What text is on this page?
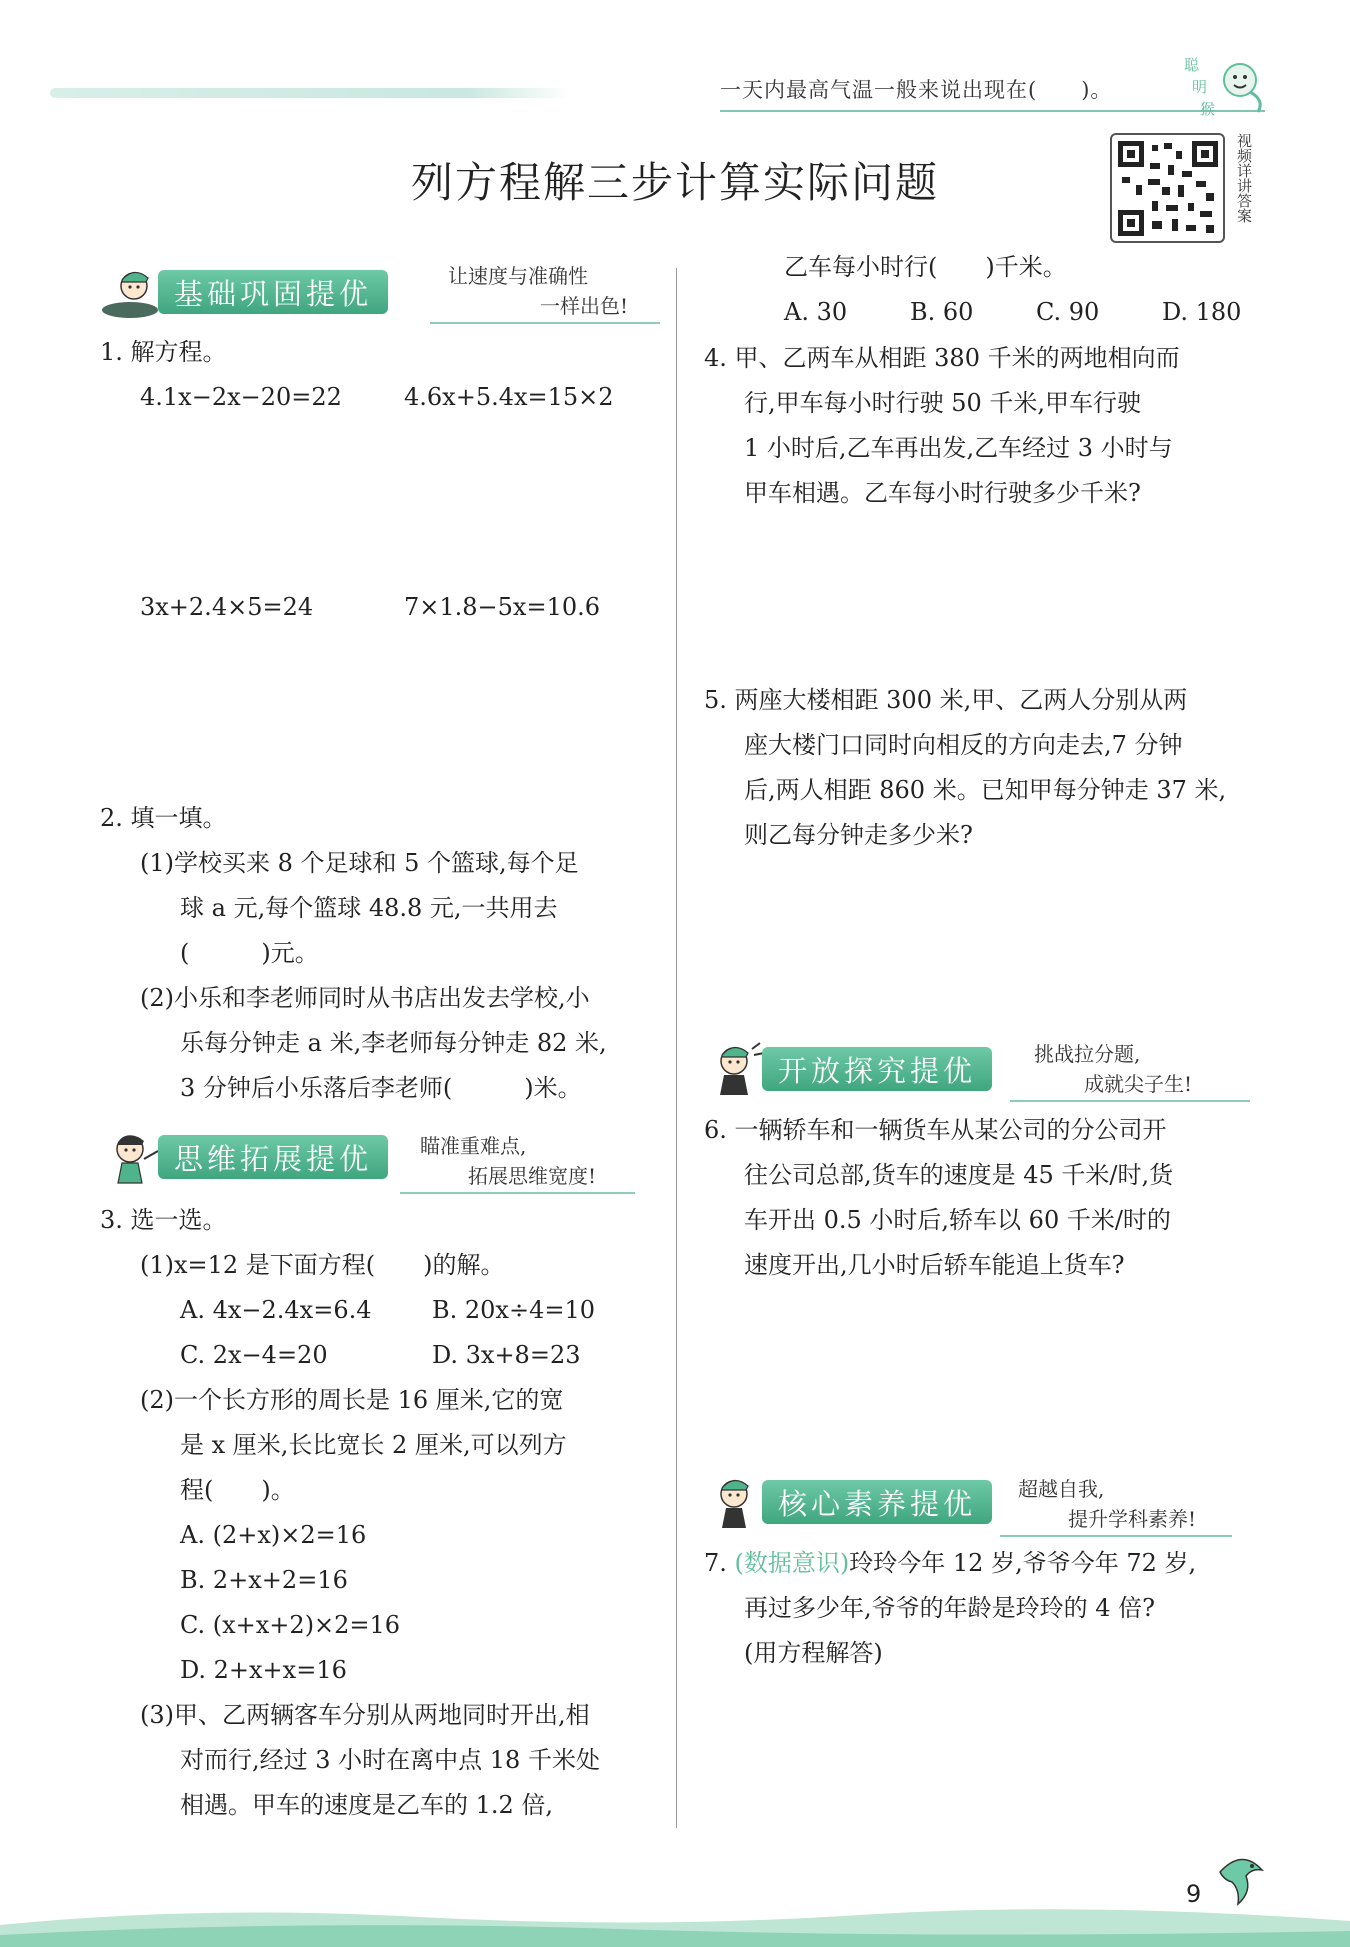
一天内最高气温一般来说出现在(　　)。
聪
明
猴
列方程解三步计算实际问题	视频详讲答案
基础巩固提优
让速度与准确性
一样出色!
1. 解方程。
4.1x−2x−20=22	4.6x+5.4x=15×2
3x+2.4×5=24	7×1.8−5x=10.6
2. 填一填。
(1)学校买来 8 个足球和 5 个篮球,每个足
球 a 元,每个篮球 48.8 元,一共用去
(　　　)元。
(2)小乐和李老师同时从书店出发去学校,小
乐每分钟走 a 米,李老师每分钟走 82 米,
3 分钟后小乐落后李老师(　　　)米。
思维拓展提优	瞄准重难点,
拓展思维宽度!
3. 选一选。
(1)x=12 是下面方程(　　)的解。
A. 4x−2.4x=6.4	B. 20x÷4=10
C. 2x−4=20	D. 3x+8=23
(2)一个长方形的周长是 16 厘米,它的宽
是 x 厘米,长比宽长 2 厘米,可以列方
程(　　)。
A. (2+x)×2=16
B. 2+x+2=16
C. (x+x+2)×2=16
D. 2+x+x=16
(3)甲、乙两辆客车分别从两地同时开出,相
对而行,经过 3 小时在离中点 18 千米处
相遇。甲车的速度是乙车的 1.2 倍,
乙车每小时行(　　)千米。
A. 30	B. 60	C. 90	D. 180
4. 甲、乙两车从相距 380 千米的两地相向而
行,甲车每小时行驶 50 千米,甲车行驶
1 小时后,乙车再出发,乙车经过 3 小时与
甲车相遇。乙车每小时行驶多少千米?
5. 两座大楼相距 300 米,甲、乙两人分别从两
座大楼门口同时向相反的方向走去,7 分钟
后,两人相距 860 米。已知甲每分钟走 37 米,
则乙每分钟走多少米?
开放探究提优	挑战拉分题,
成就尖子生!
6. 一辆轿车和一辆货车从某公司的分公司开
往公司总部,货车的速度是 45 千米/时,货
车开出 0.5 小时后,轿车以 60 千米/时的
速度开出,几小时后轿车能追上货车?
核心素养提优	超越自我,
提升学科素养!
7. (数据意识)玲玲今年 12 岁,爷爷今年 72 岁,
再过多少年,爷爷的年龄是玲玲的 4 倍?
(用方程解答)
9
